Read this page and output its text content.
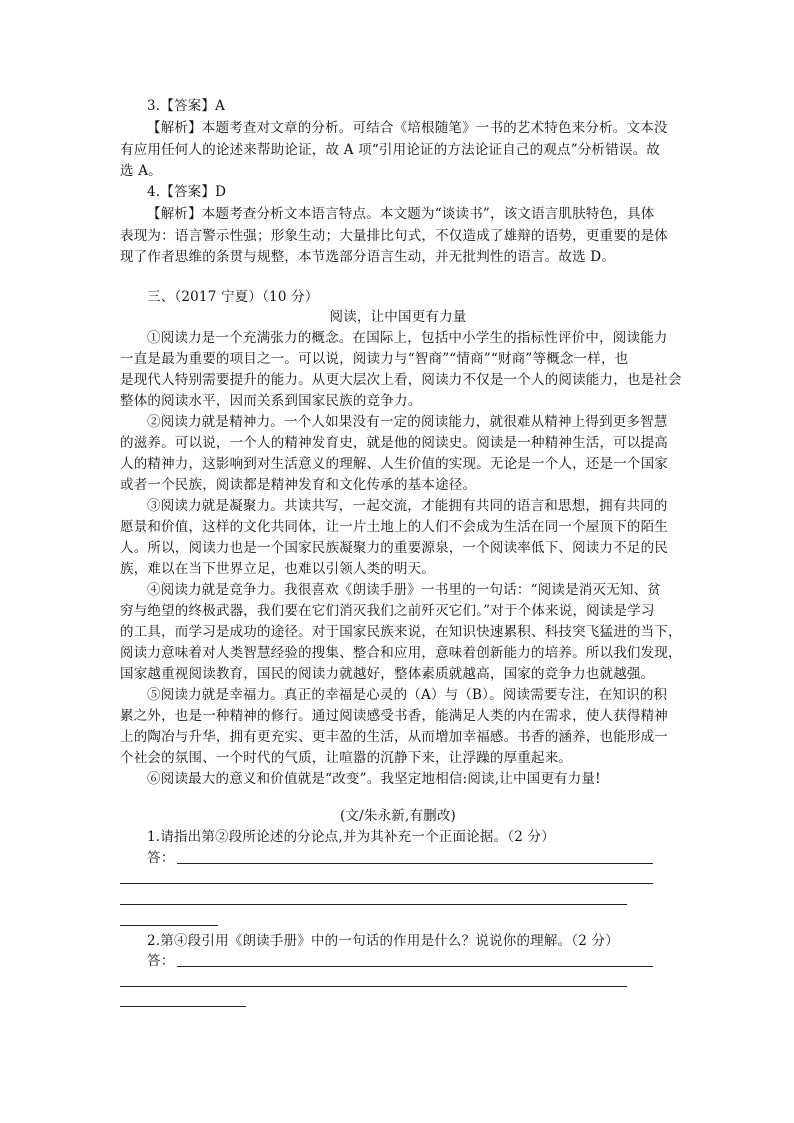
3.【答案】A
【解析】本题考查对文章的分析。可结合《培根随笔》一书的艺术特色来分析。文本没
有应用任何人的论述来帮助论证，故 A 项“引用论证的方法论证自己的观点”分析错误。故
选 A。
4.【答案】D
【解析】本题考查分析文本语言特点。本文题为“谈读书”，该文语言肌肤特色，具体
表现为：语言警示性强；形象生动；大量排比句式，不仅造成了雄辩的语势，更重要的是体
现了作者思维的条贯与规整，本节选部分语言生动，并无批判性的语言。故选 D。
三、（2017 宁夏）（10 分）
阅读，让中国更有力量
①阅读力是一个充满张力的概念。在国际上，包括中小学生的指标性评价中，阅读能力
一直是最为重要的项目之一。可以说，阅读力与“智商”“情商”“财商”等概念一样，也
是现代人特别需要提升的能力。从更大层次上看，阅读力不仅是一个人的阅读能力，也是社会
整体的阅读水平，因而关系到国家民族的竞争力。
②阅读力就是精神力。一个人如果没有一定的阅读能力，就很难从精神上得到更多智慧
的滋养。可以说，一个人的精神发育史，就是他的阅读史。阅读是一种精神生活，可以提高
人的精神力，这影响到对生活意义的理解、人生价值的实现。无论是一个人，还是一个国家
或者一个民族，阅读都是精神发育和文化传承的基本途径。
③阅读力就是凝聚力。共读共写，一起交流，才能拥有共同的语言和思想，拥有共同的
愿景和价值，这样的文化共同体，让一片土地上的人们不会成为生活在同一个屋顶下的陌生
人。所以，阅读力也是一个国家民族凝聚力的重要源泉，一个阅读率低下、阅读力不足的民
族，难以在当下世界立足，也难以引领人类的明天。
④阅读力就是竞争力。我很喜欢《朗读手册》一书里的一句话：“阅读是消灭无知、贫
穷与绝望的终极武器，我们要在它们消灭我们之前歼灭它们。”对于个体来说，阅读是学习
的工具，而学习是成功的途径。对于国家民族来说，在知识快速累积、科技突飞猛进的当下，
阅读力意味着对人类智慧经验的搜集、整合和应用，意味着创新能力的培养。所以我们发现，
国家越重视阅读教育，国民的阅读力就越好，整体素质就越高，国家的竞争力也就越强。
⑤阅读力就是幸福力。真正的幸福是心灵的（A）与（B）。阅读需要专注，在知识的积
累之外，也是一种精神的修行。通过阅读感受书香，能满足人类的内在需求，使人获得精神
上的陶冶与升华，拥有更充实、更丰盈的生活，从而增加幸福感。书香的涵养，也能形成一
个社会的氛围、一个时代的气质，让喧嚣的沉静下来，让浮躁的厚重起来。
⑥阅读最大的意义和价值就是“改变”。我坚定地相信:阅读,让中国更有力量!
(文/朱永新,有删改)
1.请指出第②段所论述的分论点,并为其补充一个正面论据。（2 分）
答：
2.第④段引用《朗读手册》中的一句话的作用是什么？说说你的理解。（2 分）
答：
